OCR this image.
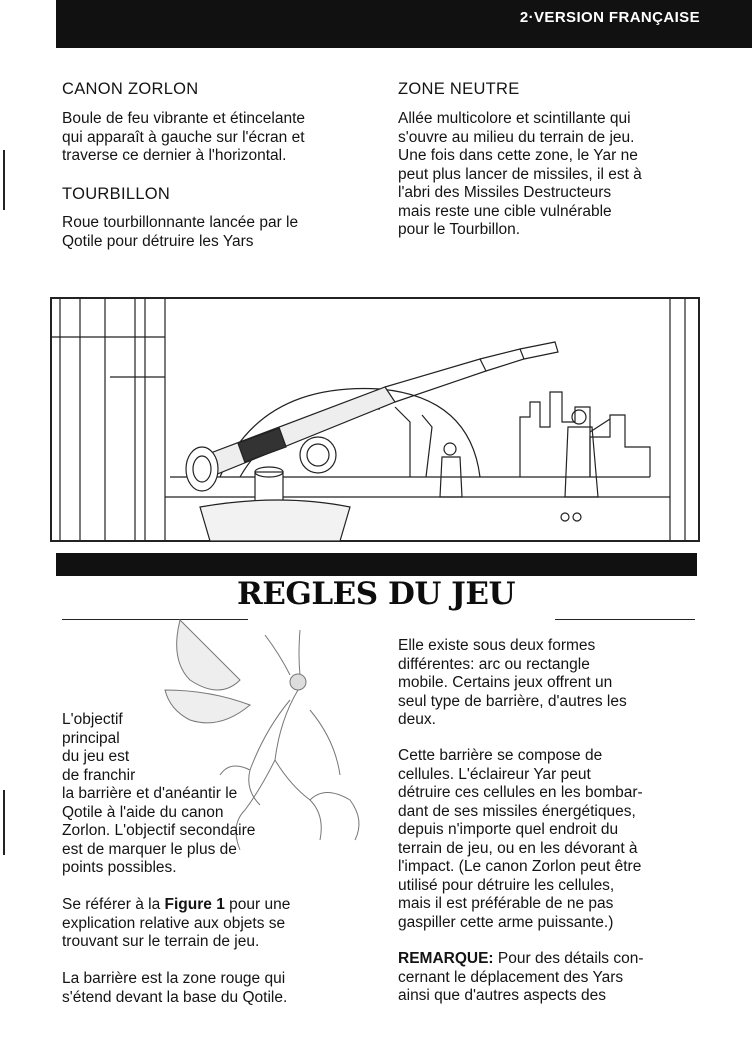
2·VERSION FRANÇAISE
CANON ZORLON

Boule de feu vibrante et étincelante

qui apparaît à gauche sur l'écran et

traverse ce dernier à l'horizontal.

TOURBILLON

Roue tourbillonnante lancée par le

Qotile pour détruire les Yars

ZONE NEUTRE

Allée multicolore et scintillante qui

s'ouvre au milieu du terrain de jeu.

Une fois dans cette zone, le Yar ne

peut plus lancer de missiles, il est à

l'abri des Missiles Destructeurs

mais reste une cible vulnérable

pour le Tourbillon.

REGLES DU JEU

L'objectif

principal

du jeu est

de franchir

la barrière et d'anéantir le

Qotile à l'aide du canon

Zorlon. L'objectif secondaire

est de marquer le plus de

points possibles.

Se référer à la Figure 1 pour une

explication relative aux objets se

trouvant sur le terrain de jeu.

La barrière est la zone rouge qui

s'étend devant la base du Qotile.

Elle existe sous deux formes

différentes: arc ou rectangle

mobile. Certains jeux offrent un

seul type de barrière, d'autres les

deux.

Cette barrière se compose de

cellules. L'éclaireur Yar peut

détruire ces cellules en les bombar-

dant de ses missiles énergétiques,

depuis n'importe quel endroit du

terrain de jeu, ou en les dévorant à

l'impact. (Le canon Zorlon peut être

utilisé pour détruire les cellules,

mais il est préférable de ne pas

gaspiller cette arme puissante.)

REMARQUE: Pour des détails con-

cernant le déplacement des Yars

ainsi que d'autres aspects des
